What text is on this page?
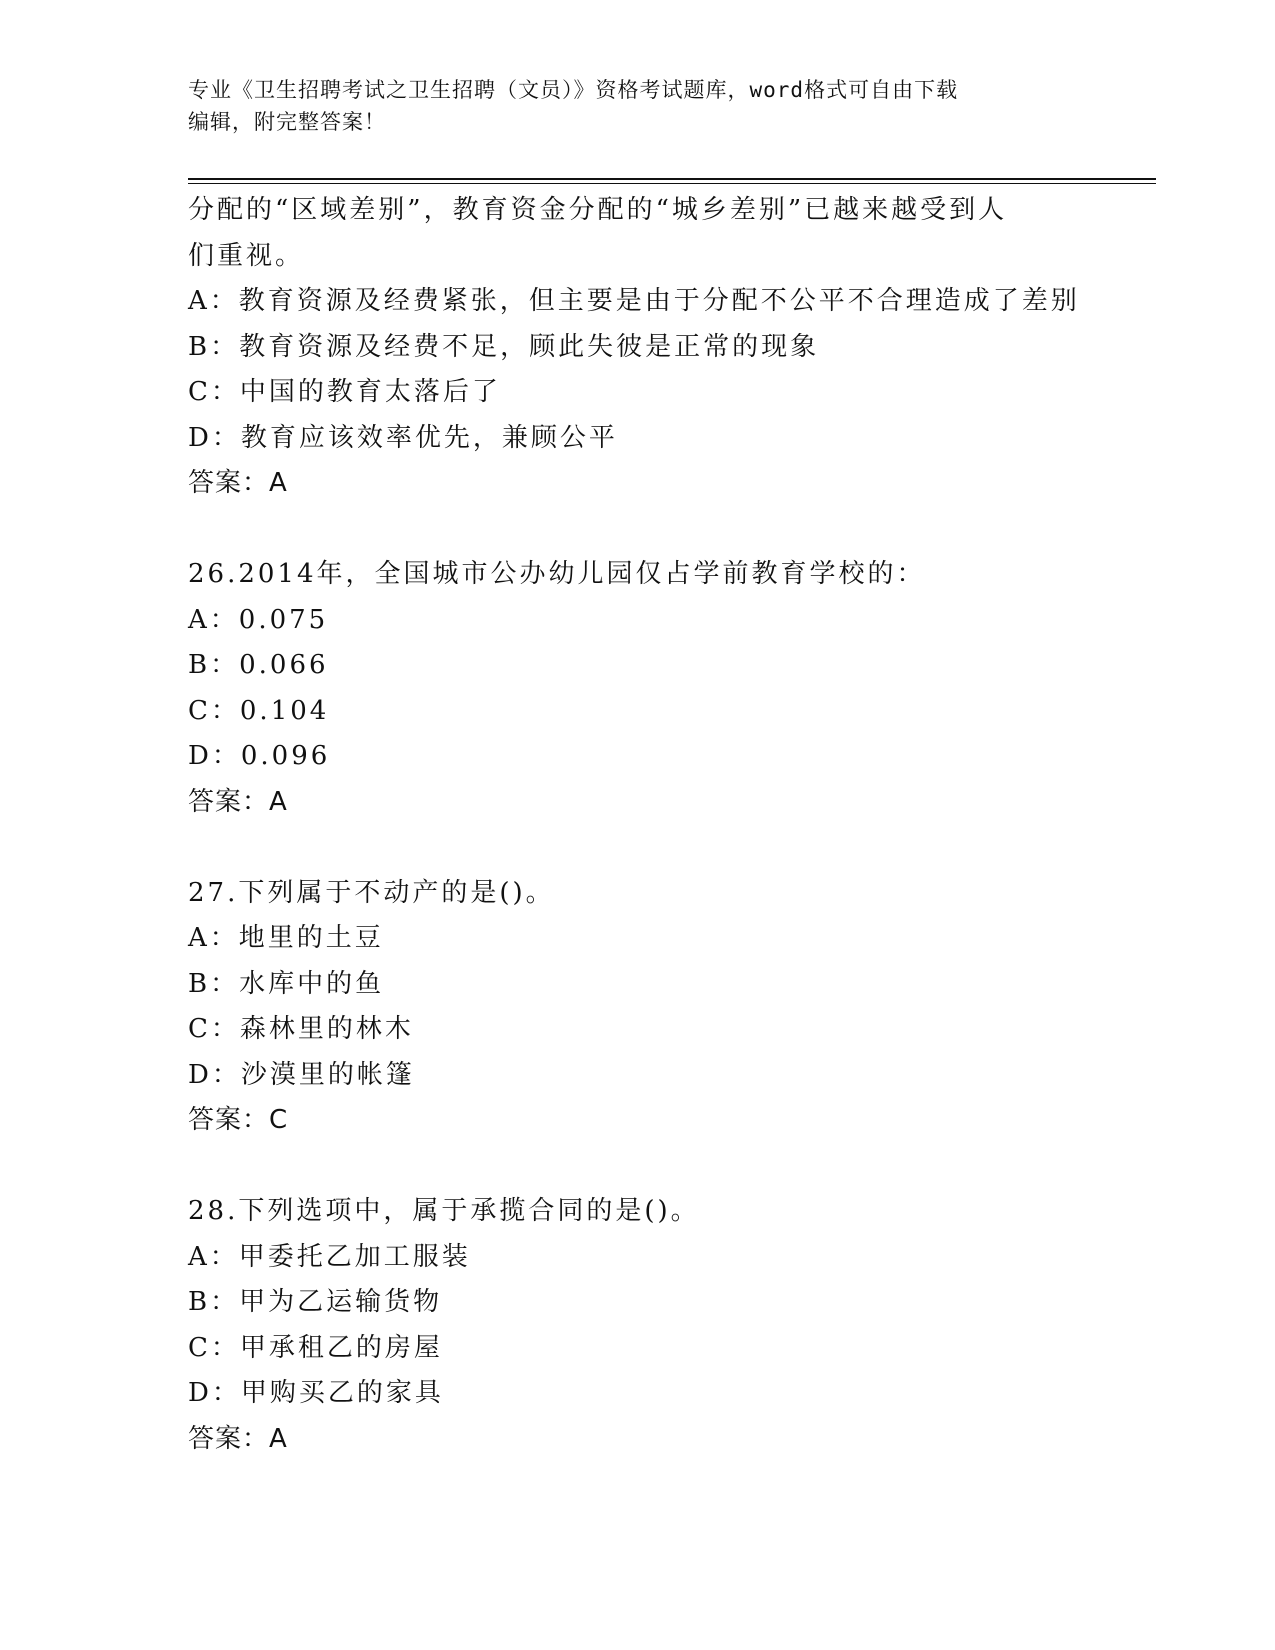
专业《卫生招聘考试之卫生招聘（文员）》资格考试题库，word格式可自由下载
编辑，附完整答案！
分配的“区域差别”，教育资金分配的“城乡差别”已越来越受到人
们重视。
A：教育资源及经费紧张，但主要是由于分配不公平不合理造成了差别
B：教育资源及经费不足，顾此失彼是正常的现象
C：中国的教育太落后了
D：教育应该效率优先，兼顾公平
答案：A
26.2014年，全国城市公办幼儿园仅占学前教育学校的：
A：0.075
B：0.066
C：0.104
D：0.096
答案：A
27.下列属于不动产的是()。
A：地里的土豆
B：水库中的鱼
C：森林里的林木
D：沙漠里的帐篷
答案：C
28.下列选项中，属于承揽合同的是()。
A：甲委托乙加工服装
B：甲为乙运输货物
C：甲承租乙的房屋
D：甲购买乙的家具
答案：A
